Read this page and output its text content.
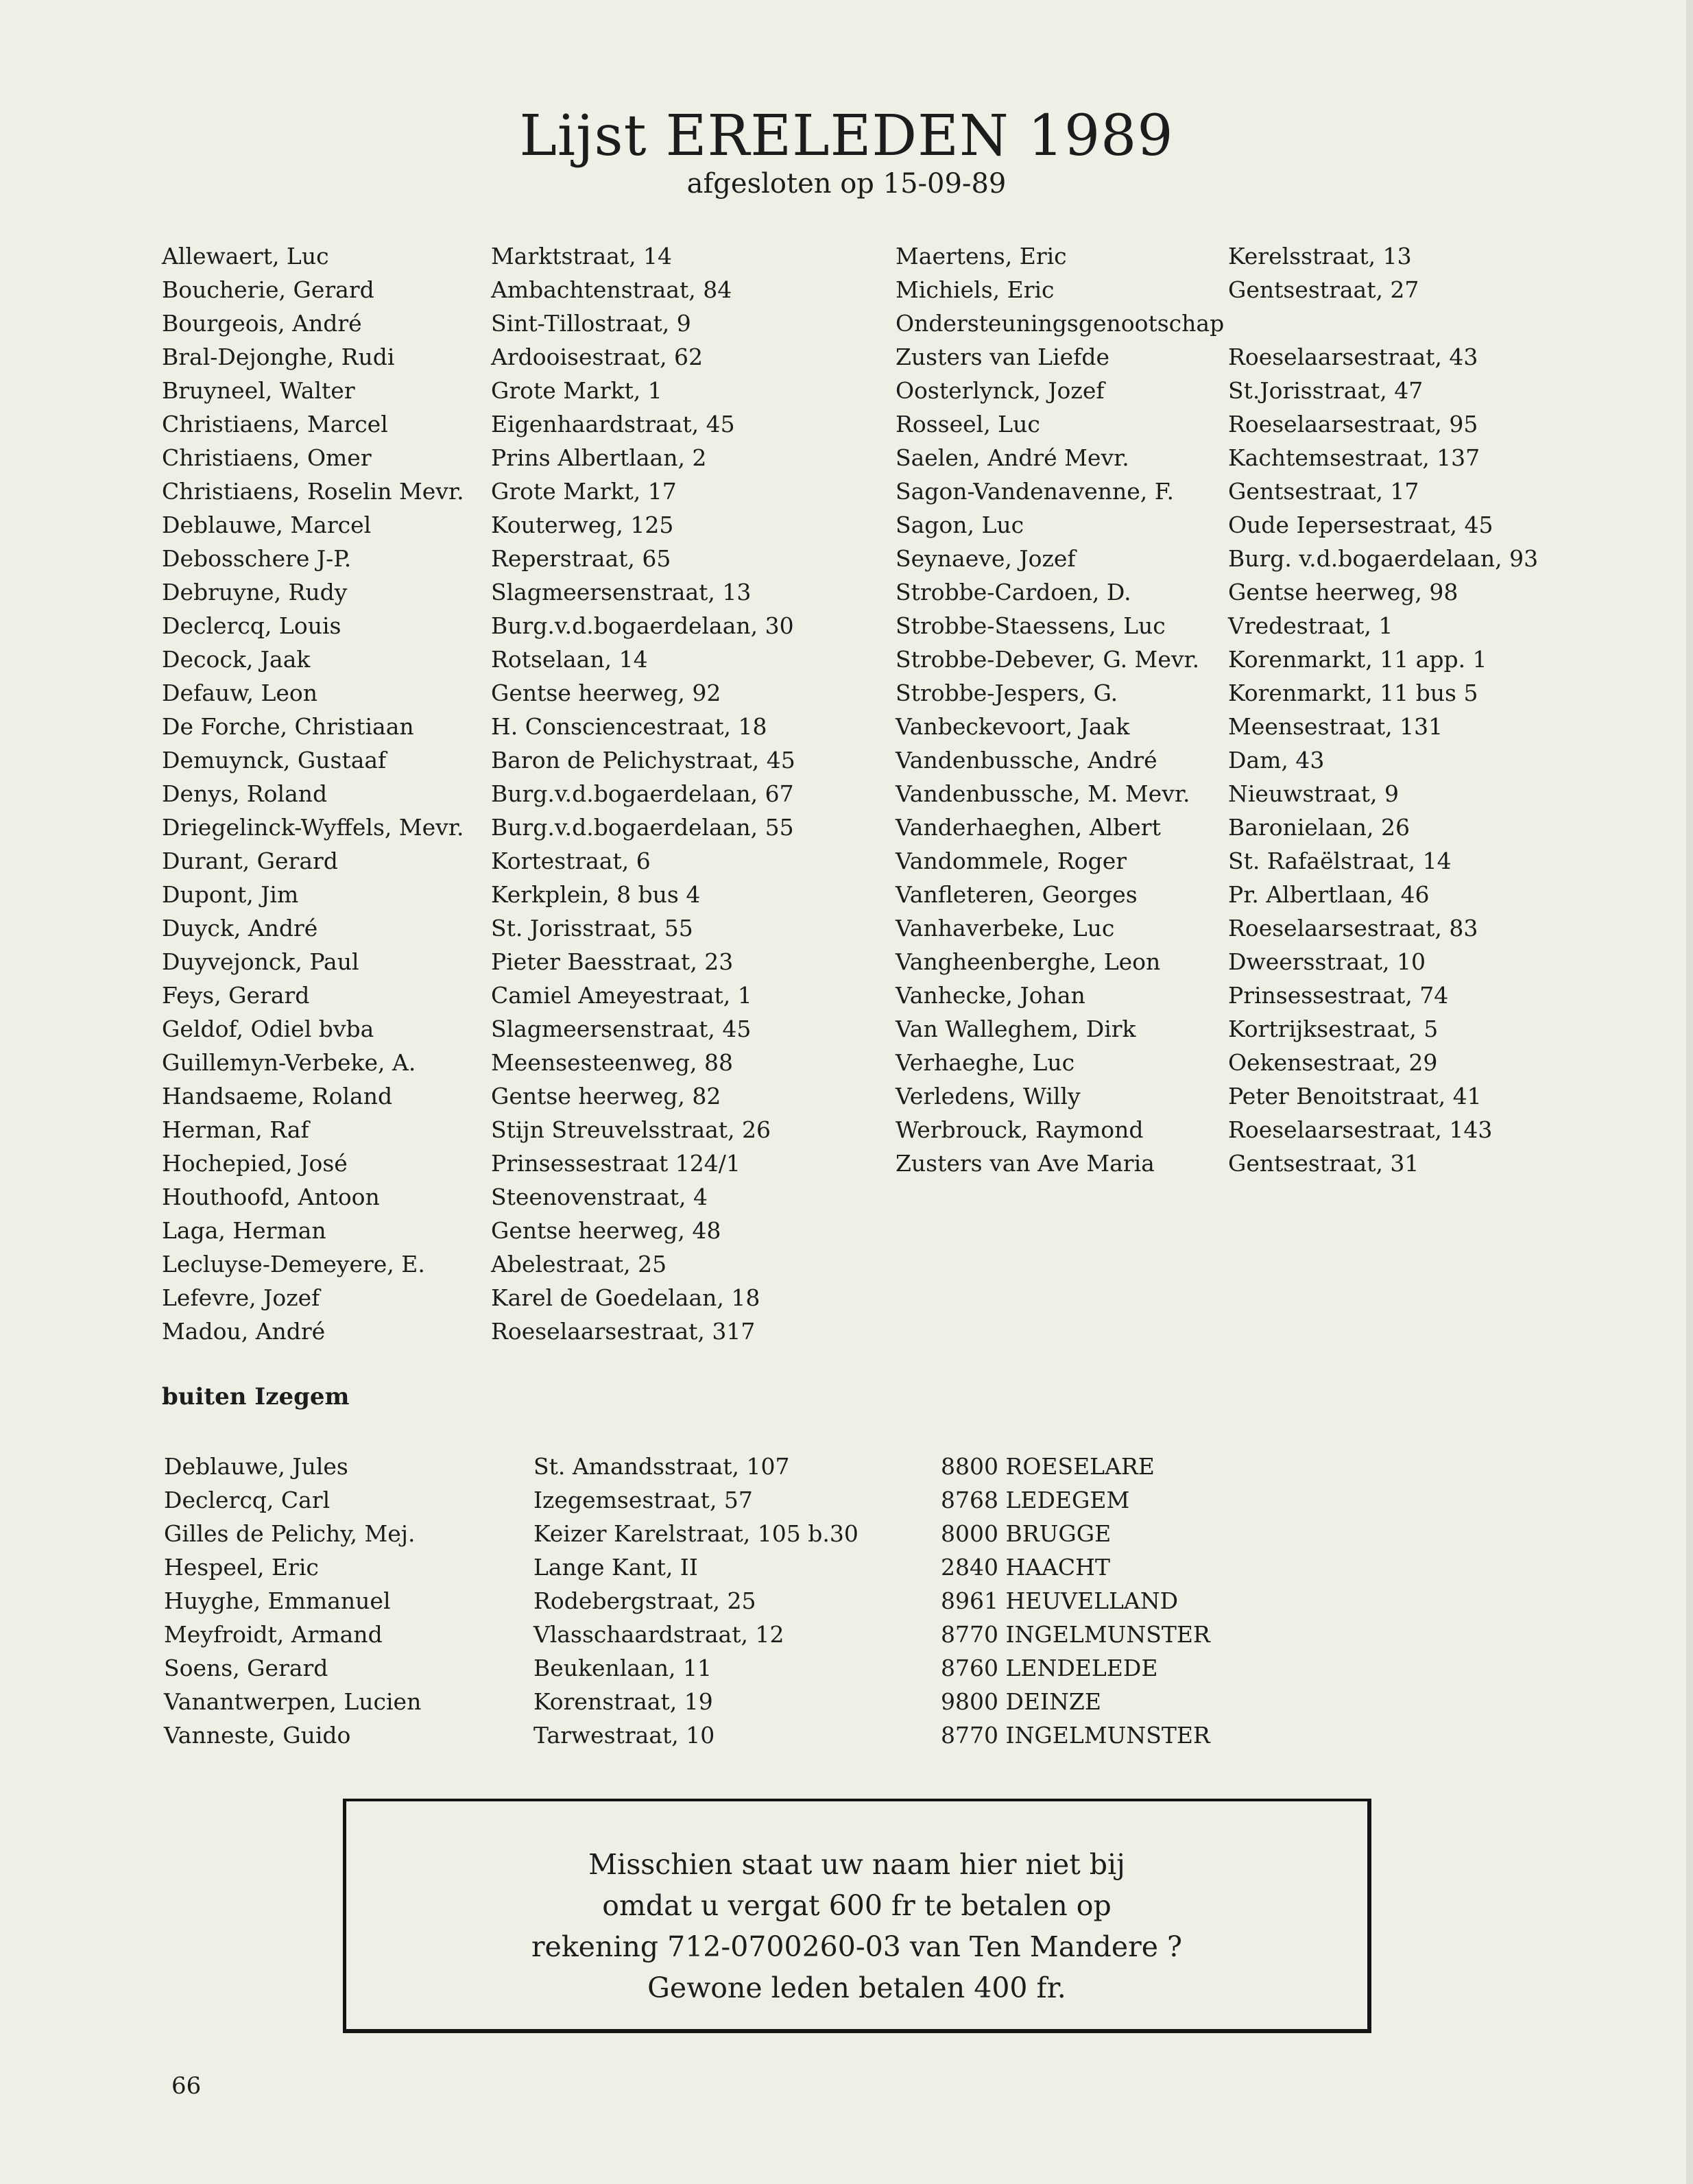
Lijst ERELEDEN 1989
afgesloten op 15-09-89
Allewaert, Luc
Boucherie, Gerard
Bourgeois, André
Bral-Dejonghe, Rudi
Bruyneel, Walter
Christiaens, Marcel
Christiaens, Omer
Christiaens, Roselin Mevr.
Deblauwe, Marcel
Debosschere J-P.
Debruyne, Rudy
Declercq, Louis
Decock, Jaak
Defauw, Leon
De Forche, Christiaan
Demuynck, Gustaaf
Denys, Roland
Driegelinck-Wyffels, Mevr.
Durant, Gerard
Dupont, Jim
Duyck, André
Duyvejonck, Paul
Feys, Gerard
Geldof, Odiel bvba
Guillemyn-Verbeke, A.
Handsaeme, Roland
Herman, Raf
Hochepied, José
Houthoofd, Antoon
Laga, Herman
Lecluyse-Demeyere, E.
Lefevre, Jozef
Madou, André
Marktstraat, 14
Ambachtenstraat, 84
Sint-Tillostraat, 9
Ardooisestraat, 62
Grote Markt, 1
Eigenhaardstraat, 45
Prins Albertlaan, 2
Grote Markt, 17
Kouterweg, 125
Reperstraat, 65
Slagmeersenstraat, 13
Burg.v.d.bogaerdelaan, 30
Rotselaan, 14
Gentse heerweg, 92
H. Consciencestraat, 18
Baron de Pelichystraat, 45
Burg.v.d.bogaerdelaan, 67
Burg.v.d.bogaerdelaan, 55
Kortestraat, 6
Kerkplein, 8 bus 4
St. Jorisstraat, 55
Pieter Baesstraat, 23
Camiel Ameyestraat, 1
Slagmeersenstraat, 45
Meensesteenweg, 88
Gentse heerweg, 82
Stijn Streuvelsstraat, 26
Prinsessestraat 124/1
Steenovenstraat, 4
Gentse heerweg, 48
Abelestraat, 25
Karel de Goedelaan, 18
Roeselaarsestraat, 317
Maertens, Eric
Michiels, Eric
Ondersteuningsgenootschap
Zusters van Liefde
Oosterlynck, Jozef
Rosseel, Luc
Saelen, André Mevr.
Sagon-Vandenavenne, F.
Sagon, Luc
Seynaeve, Jozef
Strobbe-Cardoen, D.
Strobbe-Staessens, Luc
Strobbe-Debever, G. Mevr.
Strobbe-Jespers, G.
Vanbeckevoort, Jaak
Vandenbussche, André
Vandenbussche, M. Mevr.
Vanderhaeghen, Albert
Vandommele, Roger
Vanfleteren, Georges
Vanhaverbeke, Luc
Vangheenberghe, Leon
Vanhecke, Johan
Van Walleghem, Dirk
Verhaeghe, Luc
Verledens, Willy
Werbrouck, Raymond
Zusters van Ave Maria
Kerelsstraat, 13
Gentsestraat, 27
Roeselaarsestraat, 43
St.Jorisstraat, 47
Roeselaarsestraat, 95
Kachtemsestraat, 137
Gentsestraat, 17
Oude Iepersestraat, 45
Burg. v.d.bogaerdelaan, 93
Gentse heerweg, 98
Vredestraat, 1
Korenmarkt, 11 app. 1
Korenmarkt, 11 bus 5
Meensestraat, 131
Dam, 43
Nieuwstraat, 9
Baronielaan, 26
St. Rafaëlstraat, 14
Pr. Albertlaan, 46
Roeselaarsestraat, 83
Dweersstraat, 10
Prinsessestraat, 74
Kortrijksestraat, 5
Oekensestraat, 29
Peter Benoitstraat, 41
Roeselaarsestraat, 143
Gentsestraat, 31
buiten Izegem
Deblauwe, Jules
Declercq, Carl
Gilles de Pelichy, Mej.
Hespeel, Eric
Huyghe, Emmanuel
Meyfroidt, Armand
Soens, Gerard
Vanantwerpen, Lucien
Vanneste, Guido
St. Amandsstraat, 107
Izegemsestraat, 57
Keizer Karelstraat, 105 b.30
Lange Kant, II
Rodebergstraat, 25
Vlasschaardstraat, 12
Beukenlaan, 11
Korenstraat, 19
Tarwestraat, 10
8800 ROESELARE
8768 LEDEGEM
8000 BRUGGE
2840 HAACHT
8961 HEUVELLAND
8770 INGELMUNSTER
8760 LENDELEDE
9800 DEINZE
8770 INGELMUNSTER
Misschien staat uw naam hier niet bij
omdat u vergat 600 fr te betalen op
rekening 712-0700260-03 van Ten Mandere ?
Gewone leden betalen 400 fr.
66
